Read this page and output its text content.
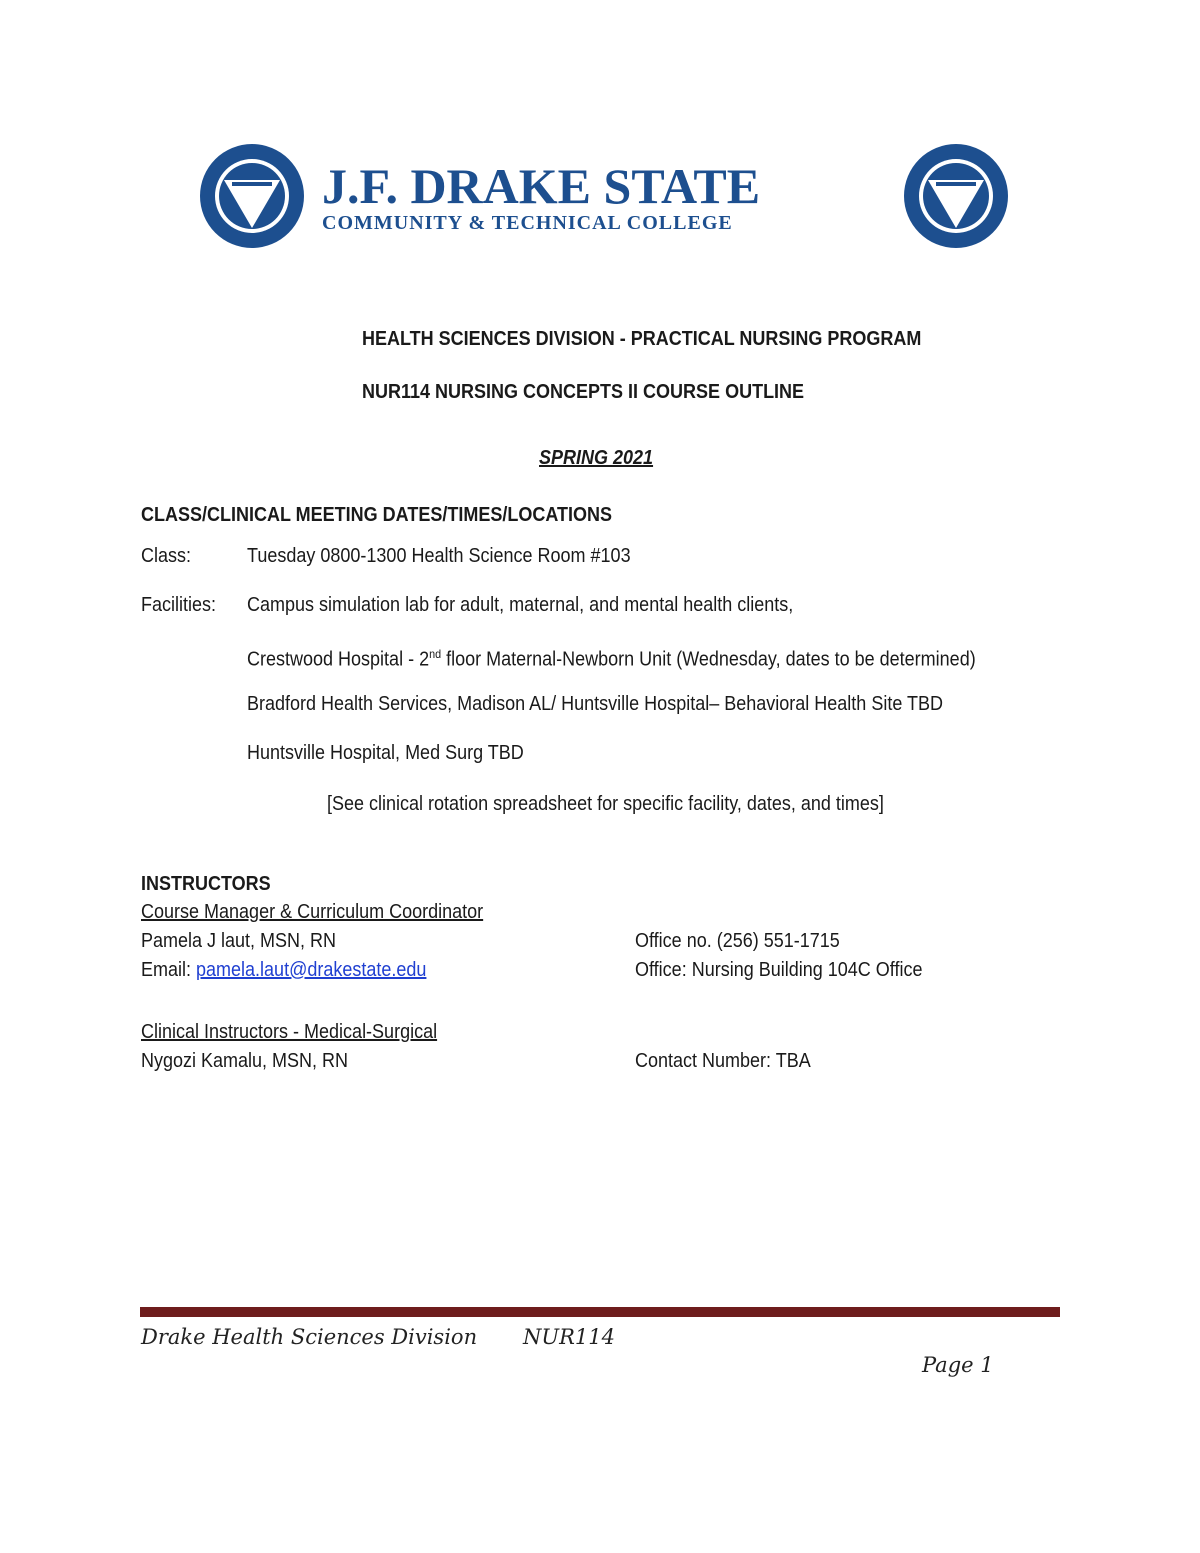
J.F. DRAKE STATE
COMMUNITY & TECHNICAL COLLEGE
HEALTH SCIENCES DIVISION - PRACTICAL NURSING PROGRAM
NUR114 NURSING CONCEPTS II COURSE OUTLINE
SPRING 2021
CLASS/CLINICAL MEETING DATES/TIMES/LOCATIONS
Class:	Tuesday 0800-1300 Health Science Room #103
Facilities: Campus simulation lab for adult, maternal, and mental health clients,
Crestwood Hospital - 2nd floor Maternal-Newborn Unit (Wednesday, dates to be determined)
Bradford Health Services, Madison AL/ Huntsville Hospital– Behavioral Health Site TBD
Huntsville Hospital, Med Surg TBD
[See clinical rotation spreadsheet for specific facility, dates, and times]
INSTRUCTORS
Course Manager & Curriculum Coordinator
Pamela J laut, MSN, RN	Office no. (256) 551-1715
Email: pamela.laut@drakestate.edu	Office: Nursing Building 104C Office
Clinical Instructors - Medical-Surgical
Nygozi Kamalu, MSN, RN	Contact Number: TBA
Drake Health Sciences Division NUR114
Page 1
